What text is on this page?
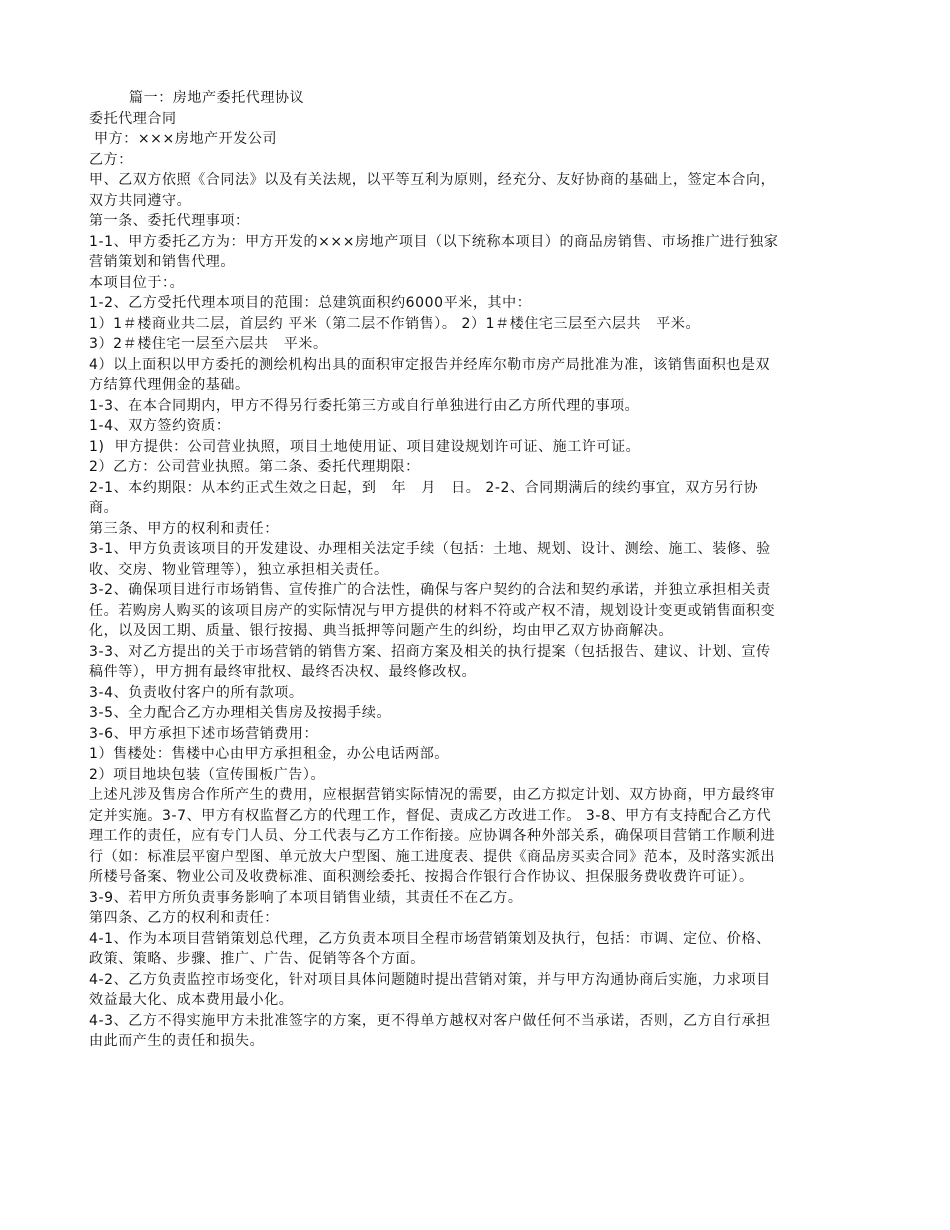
篇一：房地产委托代理协议
委托代理合同
甲方：×××房地产开发公司
乙方：
甲、乙双方依照《合同法》以及有关法规，以平等互利为原则，经充分、友好协商的基础上，签定本合向，
双方共同遵守。
第一条、委托代理事项：
1-1、甲方委托乙方为：甲方开发的×××房地产项目（以下统称本项目）的商品房销售、市场推广进行独家
营销策划和销售代理。
本项目位于：。
1-2、乙方受托代理本项目的范围：总建筑面积约6000平米，其中：
1）1＃楼商业共二层，首层约 平米（第二层不作销售）。 2）1＃楼住宅三层至六层共   平米。
3）2＃楼住宅一层至六层共   平米。
4）以上面积以甲方委托的测绘机构出具的面积审定报告并经库尔勒市房产局批准为准，该销售面积也是双
方结算代理佣金的基础。
1-3、在本合同期内，甲方不得另行委托第三方或自行单独进行由乙方所代理的事项。
1-4、双方签约资质：
1)  甲方提供：公司营业执照，项目土地使用证、项目建设规划许可证、施工许可证。
2）乙方：公司营业执照。第二条、委托代理期限：
2-1、本约期限：从本约正式生效之日起，到   年   月   日。 2-2、合同期满后的续约事宜，双方另行协
商。
第三条、甲方的权利和责任：
3-1、甲方负责该项目的开发建设、办理相关法定手续（包括：土地、规划、设计、测绘、施工、装修、验
收、交房、物业管理等），独立承担相关责任。
3-2、确保项目进行市场销售、宣传推广的合法性，确保与客户契约的合法和契约承诺，并独立承担相关责
任。若购房人购买的该项目房产的实际情况与甲方提供的材料不符或产权不清，规划设计变更或销售面积变
化，以及因工期、质量、银行按揭、典当抵押等问题产生的纠纷，均由甲乙双方协商解决。
3-3、对乙方提出的关于市场营销的销售方案、招商方案及相关的执行提案（包括报告、建议、计划、宣传
稿件等），甲方拥有最终审批权、最终否决权、最终修改权。
3-4、负责收付客户的所有款项。
3-5、全力配合乙方办理相关售房及按揭手续。
3-6、甲方承担下述市场营销费用：
1）售楼处：售楼中心由甲方承担租金，办公电话两部。
2）项目地块包装（宣传围板广告）。
上述凡涉及售房合作所产生的费用，应根据营销实际情况的需要，由乙方拟定计划、双方协商，甲方最终审
定并实施。3-7、甲方有权监督乙方的代理工作，督促、责成乙方改进工作。 3-8、甲方有支持配合乙方代
理工作的责任，应有专门人员、分工代表与乙方工作衔接。应协调各种外部关系，确保项目营销工作顺利进
行（如：标准层平窗户型图、单元放大户型图、施工进度表、提供《商品房买卖合同》范本，及时落实派出
所楼号备案、物业公司及收费标准、面积测绘委托、按揭合作银行合作协议、担保服务费收费许可证）。
3-9、若甲方所负责事务影响了本项目销售业绩，其责任不在乙方。
第四条、乙方的权利和责任：
4-1、作为本项目营销策划总代理，乙方负责本项目全程市场营销策划及执行，包括：市调、定位、价格、
政策、策略、步骤、推广、广告、促销等各个方面。
4-2、乙方负责监控市场变化，针对项目具体问题随时提出营销对策，并与甲方沟通协商后实施，力求项目
效益最大化、成本费用最小化。
4-3、乙方不得实施甲方未批准签字的方案，更不得单方越权对客户做任何不当承诺，否则，乙方自行承担
由此而产生的责任和损失。
